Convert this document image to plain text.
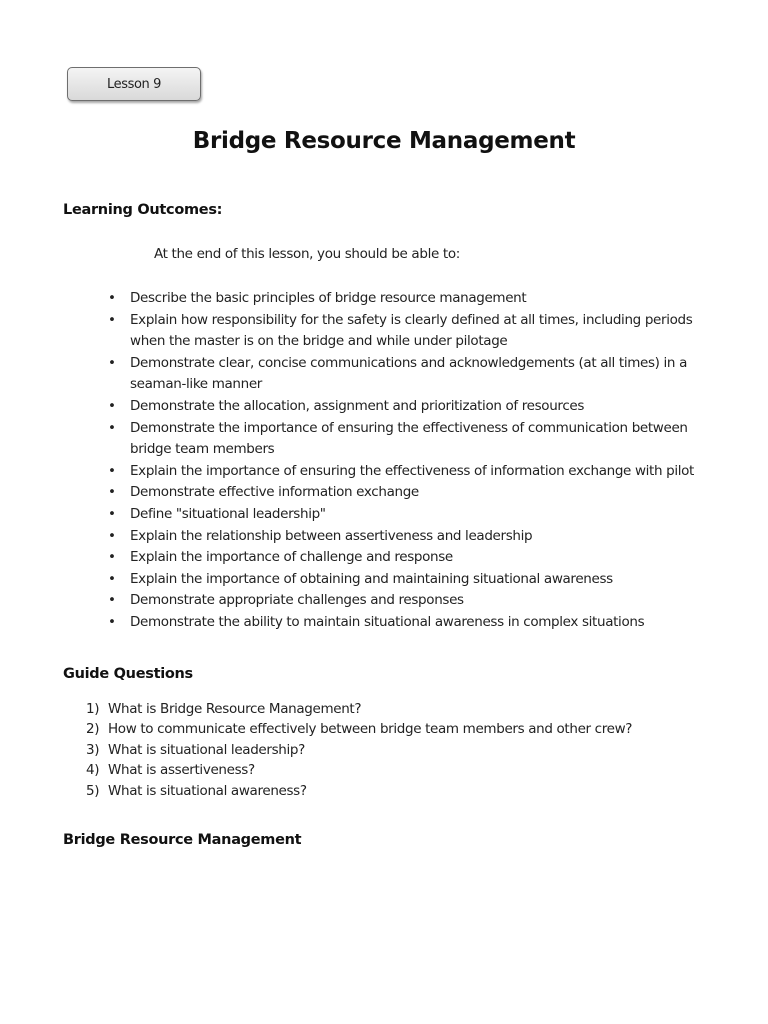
Lesson 9
Bridge Resource Management
Learning Outcomes:

At the end of this lesson, you should be able to:

• Describe the basic principles of bridge resource management
• Explain how responsibility for the safety is clearly defined at all times, including periods when the master is on the bridge and while under pilotage
• Demonstrate clear, concise communications and acknowledgements (at all times) in a seaman-like manner
• Demonstrate the allocation, assignment and prioritization of resources
• Demonstrate the importance of ensuring the effectiveness of communication between bridge team members
• Explain the importance of ensuring the effectiveness of information exchange with pilot
• Demonstrate effective information exchange
• Define "situational leadership"
• Explain the relationship between assertiveness and leadership
• Explain the importance of challenge and response
• Explain the importance of obtaining and maintaining situational awareness
• Demonstrate appropriate challenges and responses
• Demonstrate the ability to maintain situational awareness in complex situations
Guide Questions
1) What is Bridge Resource Management?
2) How to communicate effectively between bridge team members and other crew?
3) What is situational leadership?
4) What is assertiveness?
5) What is situational awareness?
Bridge Resource Management
